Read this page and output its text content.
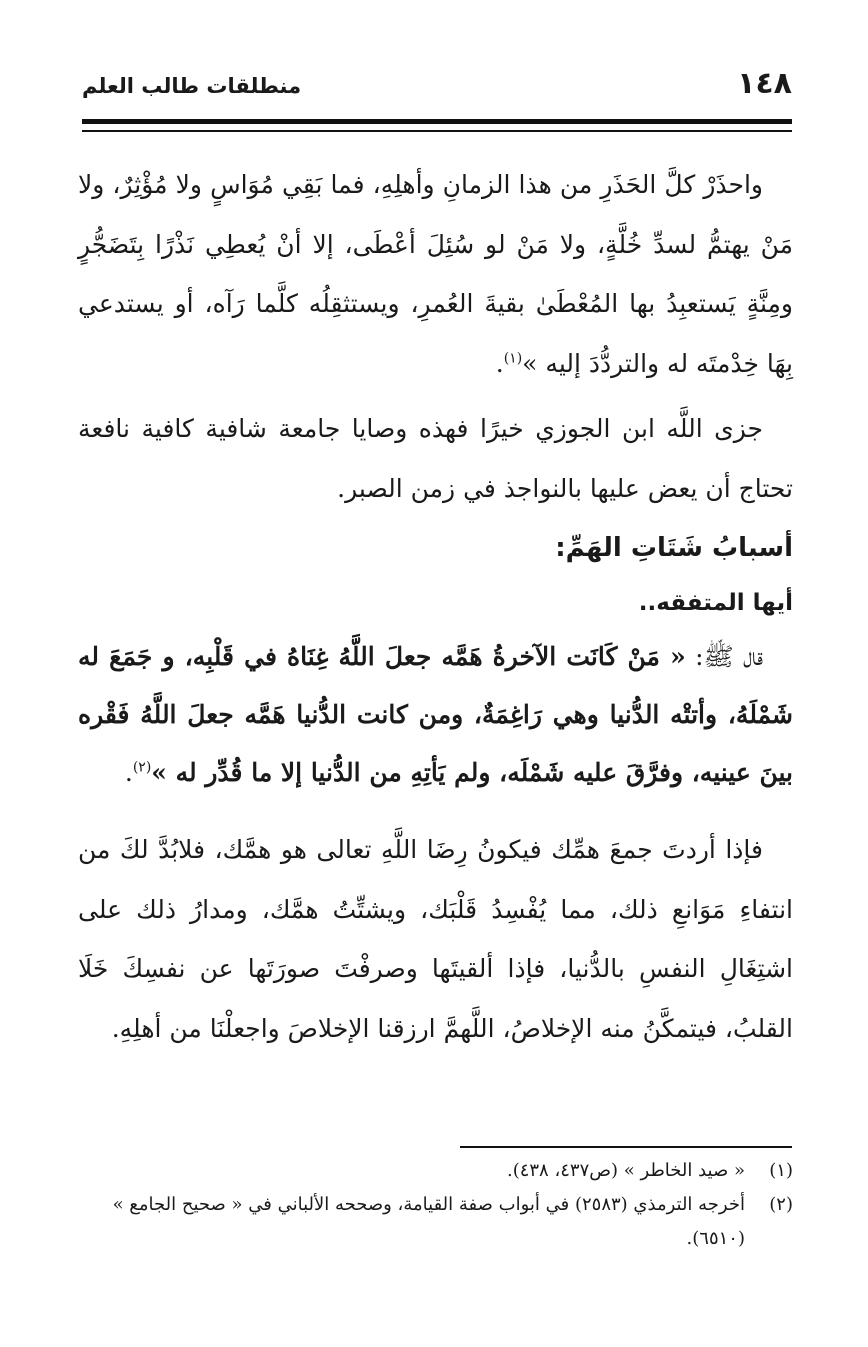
١٤٨
منطلقات طالب العلم

واحذَرْ كلَّ الحَذَرِ من هذا الزمانِ وأهلِهِ، فما بَقِي مُوَاسٍ ولا مُؤْثِرٌ، ولا مَنْ يهتمُّ لسدِّ خُلَّةٍ، ولا مَنْ لو سُئِلَ أعْطَى، إلا أنْ يُعطِي نَذْرًا بِتَضَجُّرٍ ومِنَّةٍ يَستعبِدُ بها المُعْطَىٰ بقيةَ العُمرِ، ويستثقِلُه كلَّما رَآه، أو يستدعي بِهَا خِدْمتَه له والتردُّدَ إليه »$^{(١)}$.

جزى اللَّه ابن الجوزي خيرًا فهذه وصايا جامعة شافية كافية نافعة تحتاج أن يعض عليها بالنواجذ في زمن الصبر.

أسبابُ شَتَاتِ الهَمِّ:
أيها المتفقه..

قال ﷺ: « مَنْ كَانَت الآخرةُ هَمَّه جعلَ اللَّهُ غِنَاهُ في قَلْبِه، و جَمَعَ له شَمْلَهُ، وأتتْه الدُّنيا وهي رَاغِمَةٌ، ومن كانت الدُّنيا هَمَّه جعلَ اللَّهُ فَقْره بينَ عينيه، وفرَّقَ عليه شَمْلَه، ولم يَأتِهِ من الدُّنيا إلا ما قُدِّر له »$^{(٢)}$.

فإذا أردتَ جمعَ همِّك فيكونُ رِضَا اللَّهِ تعالى هو همَّك، فلابُدَّ لكَ من انتفاءِ مَوَانعِ ذلك، مما يُفْسِدُ قَلْبَك، ويشتِّتُ همَّك، ومدارُ ذلك على اشتِغَالِ النفسِ بالدُّنيا، فإذا ألقيتَها وصرفْتَ صورَتَها عن نفسِكَ خَلَا القلبُ، فيتمكَّنُ منه الإخلاصُ، اللَّهمَّ ارزقنا الإخلاصَ واجعلْنَا من أهلِهِ.

(١)
« صيد الخاطر » (ص٤٣٧، ٤٣٨).

(٢)
أخرجه الترمذي (٢٥٨٣) في أبواب صفة القيامة، وصححه الألباني في « صحيح الجامع » (٦٥١٠).
